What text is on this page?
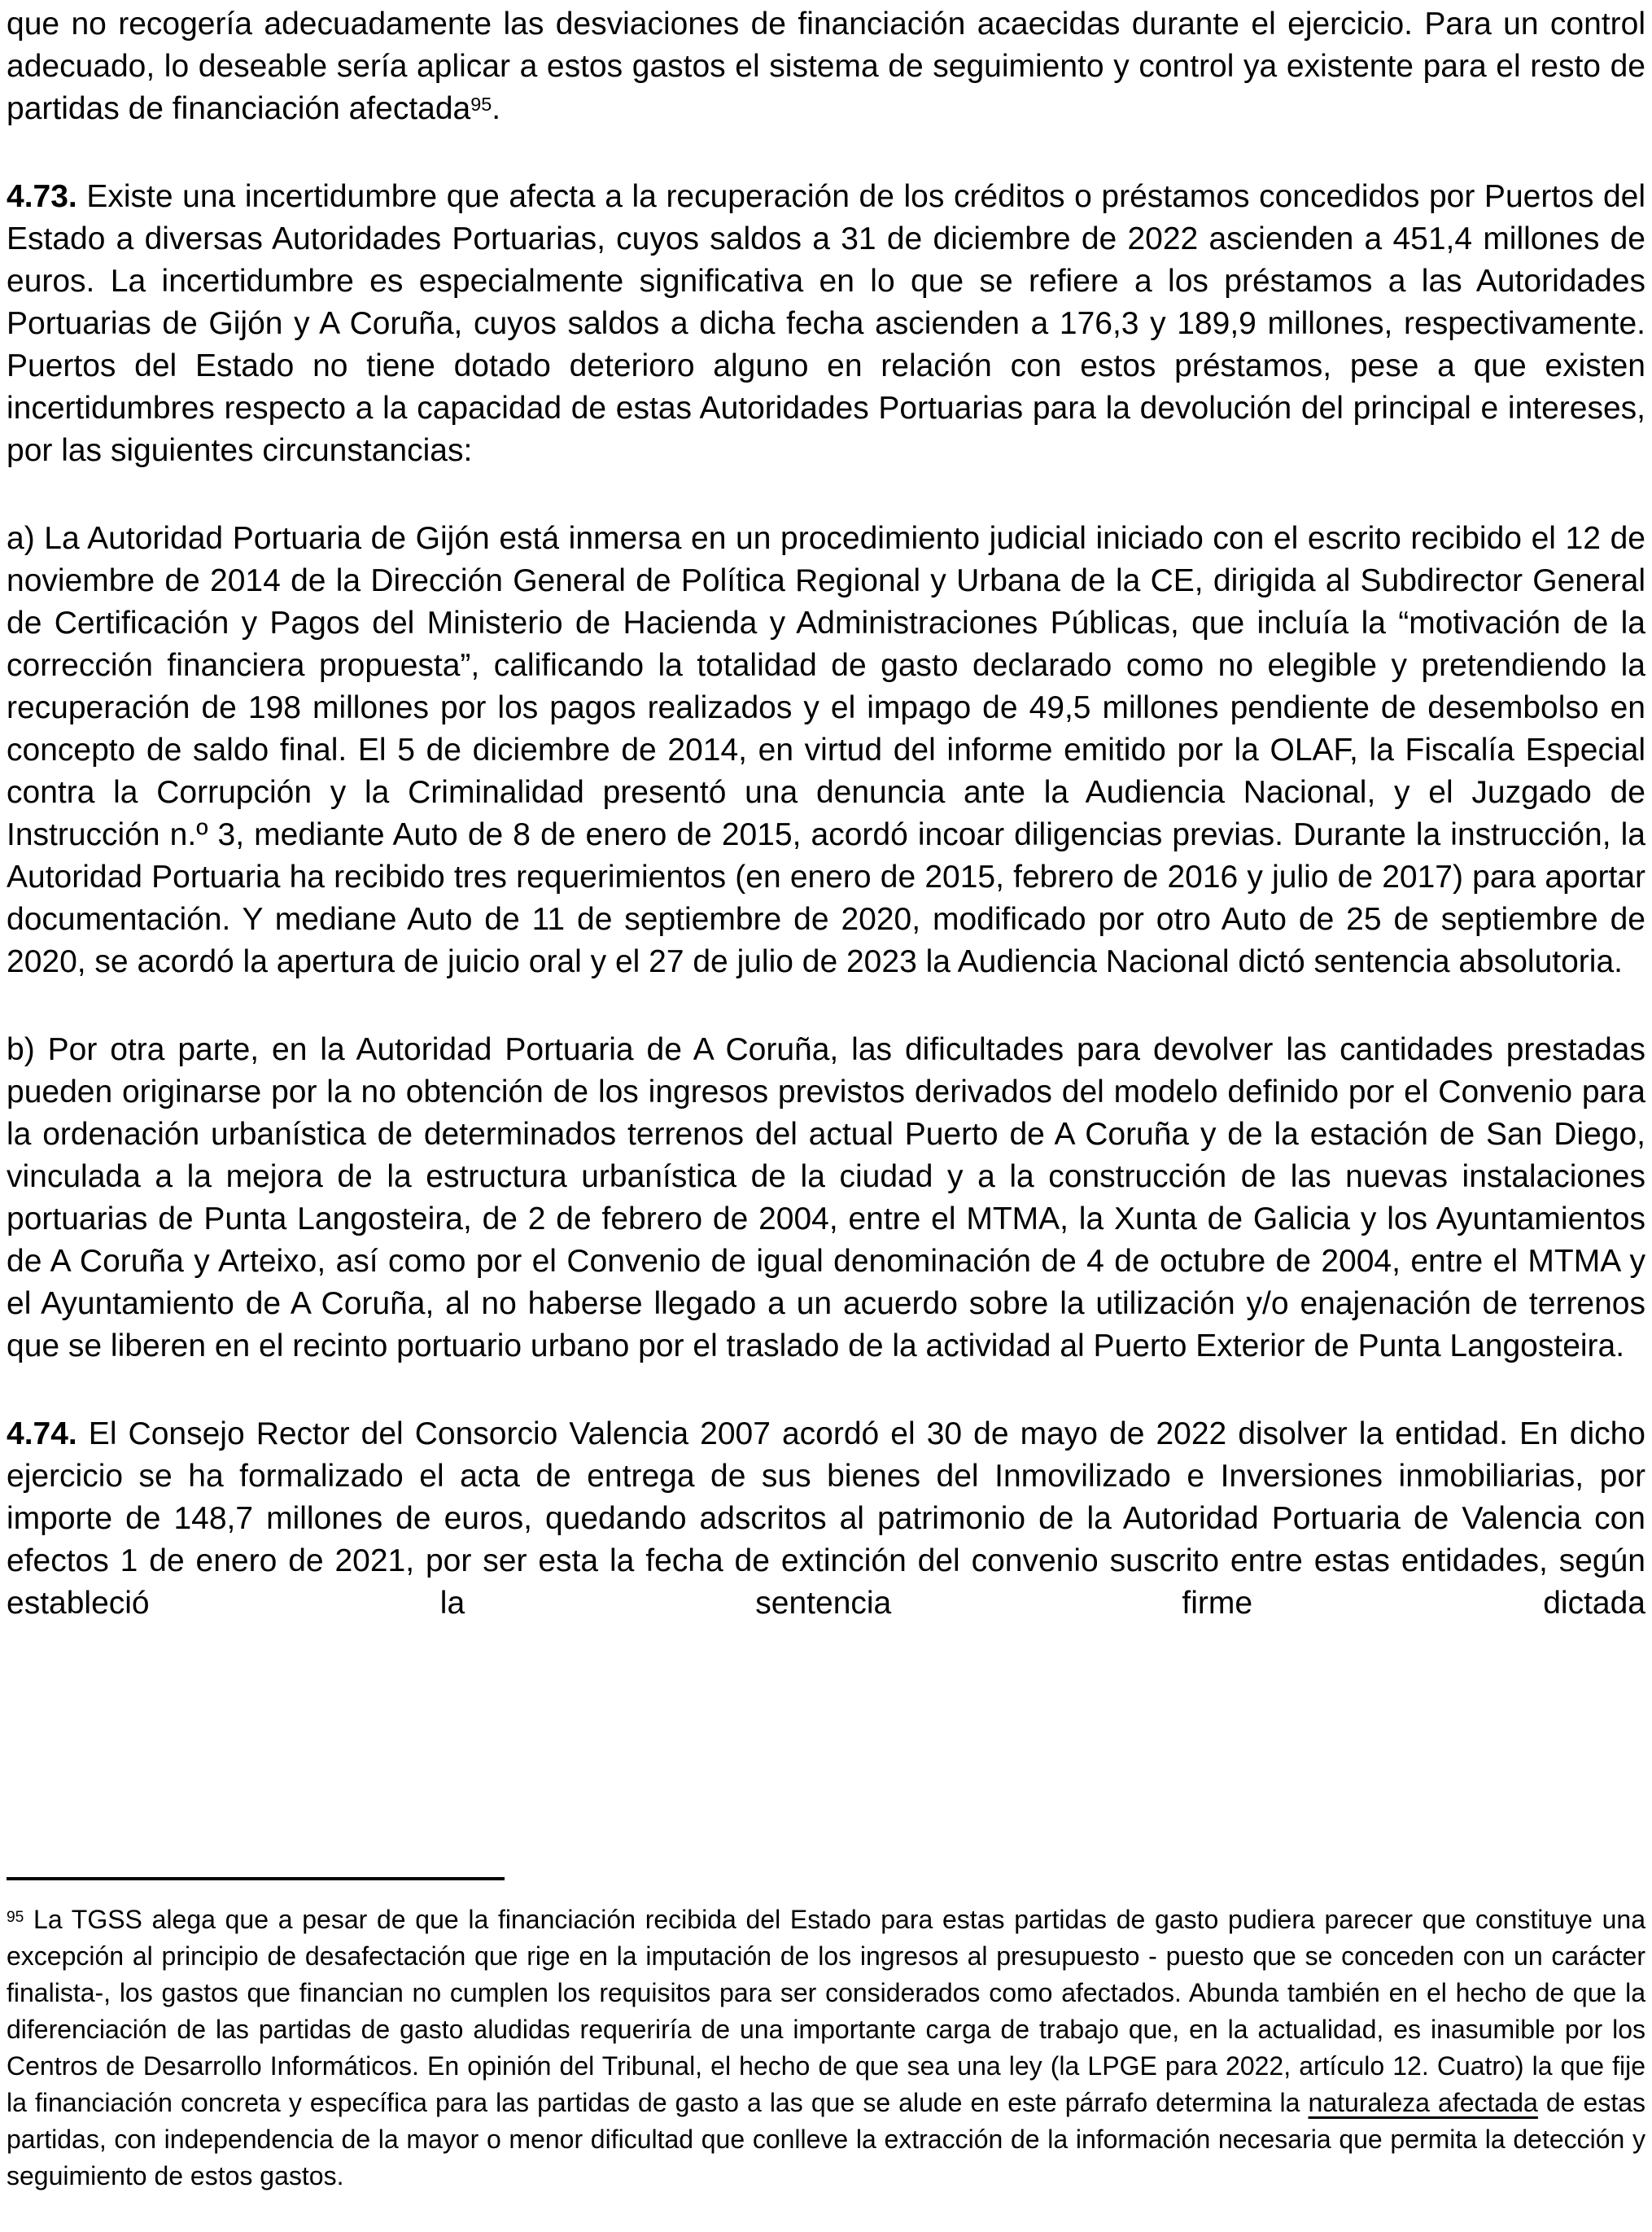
que no recogería adecuadamente las desviaciones de financiación acaecidas durante el ejercicio. Para un control adecuado, lo deseable sería aplicar a estos gastos el sistema de seguimiento y control ya existente para el resto de partidas de financiación afectada$^{95}$.

4.73. Existe una incertidumbre que afecta a la recuperación de los créditos o préstamos concedidos por Puertos del Estado a diversas Autoridades Portuarias, cuyos saldos a 31 de diciembre de 2022 ascienden a 451,4 millones de euros. La incertidumbre es especialmente significativa en lo que se refiere a los préstamos a las Autoridades Portuarias de Gijón y A Coruña, cuyos saldos a dicha fecha ascienden a 176,3 y 189,9 millones, respectivamente. Puertos del Estado no tiene dotado deterioro alguno en relación con estos préstamos, pese a que existen incertidumbres respecto a la capacidad de estas Autoridades Portuarias para la devolución del principal e intereses, por las siguientes circunstancias:

a) La Autoridad Portuaria de Gijón está inmersa en un procedimiento judicial iniciado con el escrito recibido el 12 de noviembre de 2014 de la Dirección General de Política Regional y Urbana de la CE, dirigida al Subdirector General de Certificación y Pagos del Ministerio de Hacienda y Administraciones Públicas, que incluía la “motivación de la corrección financiera propuesta”, calificando la totalidad de gasto declarado como no elegible y pretendiendo la recuperación de 198 millones por los pagos realizados y el impago de 49,5 millones pendiente de desembolso en concepto de saldo final. El 5 de diciembre de 2014, en virtud del informe emitido por la OLAF, la Fiscalía Especial contra la Corrupción y la Criminalidad presentó una denuncia ante la Audiencia Nacional, y el Juzgado de Instrucción n.º 3, mediante Auto de 8 de enero de 2015, acordó incoar diligencias previas. Durante la instrucción, la Autoridad Portuaria ha recibido tres requerimientos (en enero de 2015, febrero de 2016 y julio de 2017) para aportar documentación. Y mediane Auto de 11 de septiembre de 2020, modificado por otro Auto de 25 de septiembre de 2020, se acordó la apertura de juicio oral y el 27 de julio de 2023 la Audiencia Nacional dictó sentencia absolutoria.

b) Por otra parte, en la Autoridad Portuaria de A Coruña, las dificultades para devolver las cantidades prestadas pueden originarse por la no obtención de los ingresos previstos derivados del modelo definido por el Convenio para la ordenación urbanística de determinados terrenos del actual Puerto de A Coruña y de la estación de San Diego, vinculada a la mejora de la estructura urbanística de la ciudad y a la construcción de las nuevas instalaciones portuarias de Punta Langosteira, de 2 de febrero de 2004, entre el MTMA, la Xunta de Galicia y los Ayuntamientos de A Coruña y Arteixo, así como por el Convenio de igual denominación de 4 de octubre de 2004, entre el MTMA y el Ayuntamiento de A Coruña, al no haberse llegado a un acuerdo sobre la utilización y/o enajenación de terrenos que se liberen en el recinto portuario urbano por el traslado de la actividad al Puerto Exterior de Punta Langosteira.

4.74. El Consejo Rector del Consorcio Valencia 2007 acordó el 30 de mayo de 2022 disolver la entidad. En dicho ejercicio se ha formalizado el acta de entrega de sus bienes del Inmovilizado e Inversiones inmobiliarias, por importe de 148,7 millones de euros, quedando adscritos al patrimonio de la Autoridad Portuaria de Valencia con efectos 1 de enero de 2021, por ser esta la fecha de extinción del convenio suscrito entre estas entidades, según estableció la sentencia firme dictada

$^{95}$ La TGSS alega que a pesar de que la financiación recibida del Estado para estas partidas de gasto pudiera parecer que constituye una excepción al principio de desafectación que rige en la imputación de los ingresos al presupuesto - puesto que se conceden con un carácter finalista-, los gastos que financian no cumplen los requisitos para ser considerados como afectados. Abunda también en el hecho de que la diferenciación de las partidas de gasto aludidas requeriría de una importante carga de trabajo que, en la actualidad, es inasumible por los Centros de Desarrollo Informáticos. En opinión del Tribunal, el hecho de que sea una ley (la LPGE para 2022, artículo 12. Cuatro) la que fije la financiación concreta y específica para las partidas de gasto a las que se alude en este párrafo determina la naturaleza afectada de estas partidas, con independencia de la mayor o menor dificultad que conlleve la extracción de la información necesaria que permita la detección y seguimiento de estos gastos.
